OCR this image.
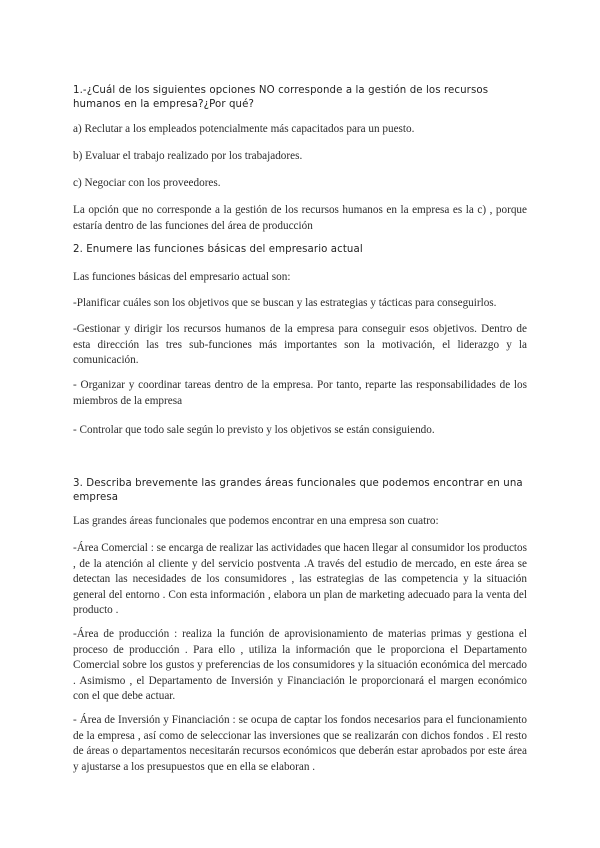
1.-¿Cuál de los siguientes opciones NO corresponde a la gestión de los recursos humanos en la empresa?¿Por qué?

a) Reclutar a los empleados potencialmente más capacitados para un puesto.

b) Evaluar el trabajo realizado por los trabajadores.

c) Negociar con los proveedores.

La opción que no corresponde a la gestión de los recursos humanos en la empresa es la c) , porque estaría dentro de las funciones del área de producción

2. Enumere las funciones básicas del empresario actual

Las funciones básicas del empresario actual son:

-Planificar cuáles son los objetivos que se buscan y las estrategias y tácticas para conseguirlos.

-Gestionar y dirigir los recursos humanos de la empresa para conseguir esos objetivos. Dentro de esta dirección las tres sub-funciones más importantes son la motivación, el liderazgo y la comunicación.

- Organizar y coordinar tareas dentro de la empresa. Por tanto, reparte las responsabilidades de los miembros de la empresa

- Controlar que todo sale según lo previsto y los objetivos se están consiguiendo.

3. Describa brevemente las grandes áreas funcionales que podemos encontrar en una empresa

Las grandes áreas funcionales que podemos encontrar en una empresa son cuatro:

-Área Comercial : se encarga de realizar las actividades que hacen llegar al consumidor los productos , de la atención al cliente y del servicio postventa .A través del estudio de mercado, en este área se detectan las necesidades de los consumidores , las estrategias de las competencia y la situación general del entorno . Con esta información , elabora un plan de marketing adecuado para la venta del producto .

-Área de producción : realiza la función de aprovisionamiento de materias primas y gestiona el proceso de producción . Para ello , utiliza la información que le proporciona el Departamento Comercial sobre los gustos y preferencias de los consumidores y la situación económica del mercado . Asimismo , el Departamento de Inversión y Financiación le proporcionará el margen económico con el que debe actuar.

- Área de Inversión y Financiación : se ocupa de captar los fondos necesarios para el funcionamiento de la empresa , así como de seleccionar las inversiones que se realizarán con dichos fondos . El resto de áreas o departamentos necesitarán recursos económicos que deberán estar aprobados por este área y ajustarse a los presupuestos que en ella se elaboran .
